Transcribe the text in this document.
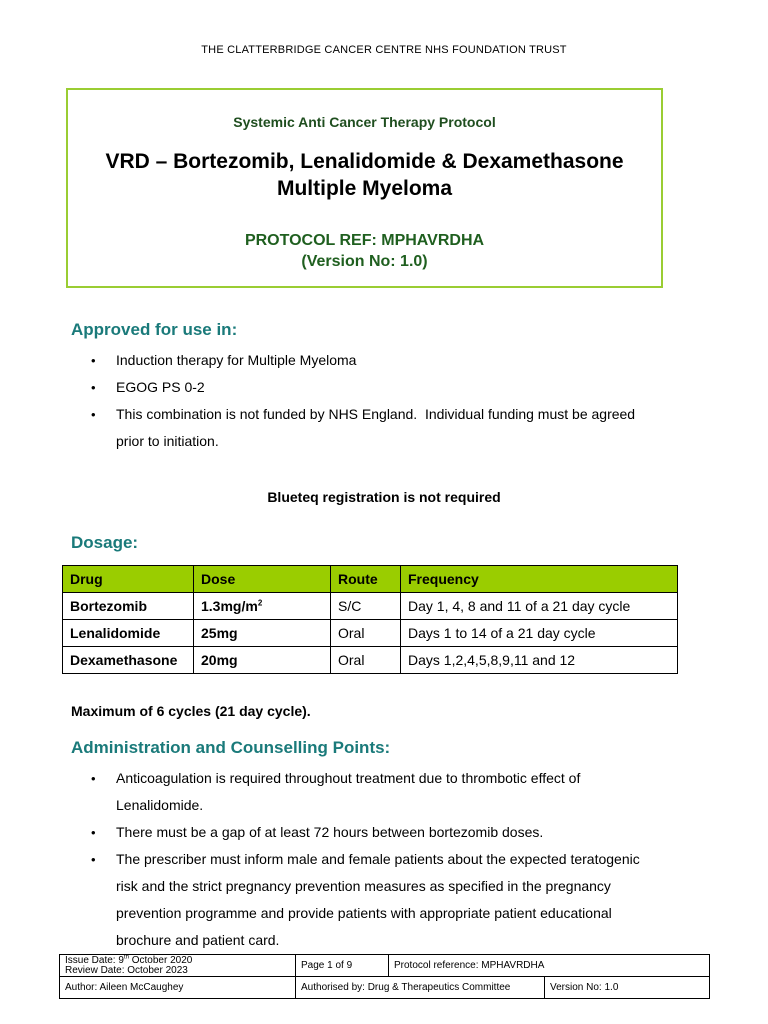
THE CLATTERBRIDGE CANCER CENTRE NHS FOUNDATION TRUST
Systemic Anti Cancer Therapy Protocol
VRD – Bortezomib, Lenalidomide & Dexamethasone
Multiple Myeloma
PROTOCOL REF: MPHAVRDHA
(Version No: 1.0)
Approved for use in:
• Induction therapy for Multiple Myeloma
• EGOG PS 0-2
• This combination is not funded by NHS England.  Individual funding must be agreed
prior to initiation.
Blueteq registration is not required
Dosage:
Drug	Dose	Route	Frequency
Bortezomib	$1.3mg/m^2$	S/C	Day 1, 4, 8 and 11 of a 21 day cycle
Lenalidomide	25mg	Oral	Days 1 to 14 of a 21 day cycle
Dexamethasone	20mg	Oral	Days 1,2,4,5,8,9,11 and 12
Maximum of 6 cycles (21 day cycle).
Administration and Counselling Points:
• Anticoagulation is required throughout treatment due to thrombotic effect of
Lenalidomide.
• There must be a gap of at least 72 hours between bortezomib doses.
• The prescriber must inform male and female patients about the expected teratogenic
risk and the strict pregnancy prevention measures as specified in the pregnancy
prevention programme and provide patients with appropriate patient educational
brochure and patient card.
Issue Date: 9th October 2020
Review Date: October 2023	Page 1 of 9	Protocol reference: MPHAVRDHA	
Author: Aileen McCaughey	Authorised by: Drug & Therapeutics Committee		Version No: 1.0
